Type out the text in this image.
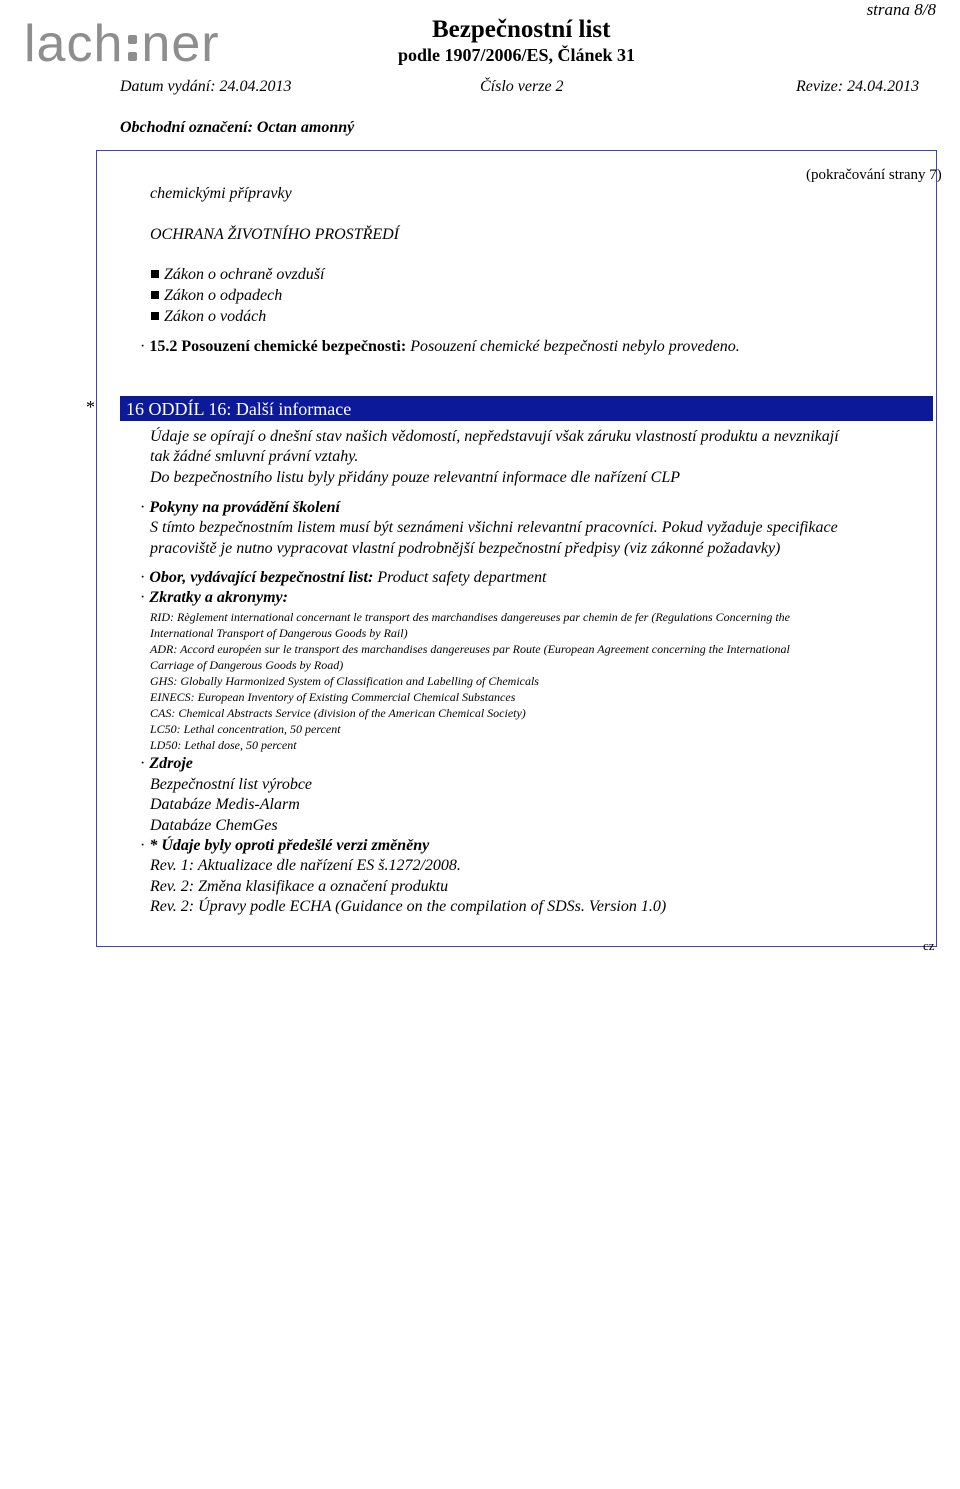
lach ner
strana 8/8
Bezpečnostní list
podle 1907/2006/ES, Článek 31
Datum vydání: 24.04.2013	Číslo verze 2	Revize: 24.04.2013
Obchodní označení: Octan amonný
(pokračování strany 7)
chemickými přípravky
OCHRANA ŽIVOTNÍHO PROSTŘEDÍ
Zákon o ochraně ovzduší
Zákon o odpadech
Zákon o vodách
· 15.2 Posouzení chemické bezpečnosti: Posouzení chemické bezpečnosti nebylo provedeno.
*	16 ODDÍL 16: Další informace
Údaje se opírají o dnešní stav našich vědomostí, nepředstavují však záruku vlastností produktu a nevznikají
tak žádné smluvní právní vztahy.
Do bezpečnostního listu byly přidány pouze relevantní informace dle nařízení CLP
· Pokyny na provádění školení
S tímto bezpečnostním listem musí být seznámeni všichni relevantní pracovníci. Pokud vyžaduje specifikace
pracoviště je nutno vypracovat vlastní podrobnější bezpečnostní předpisy (viz zákonné požadavky)
· Obor, vydávající bezpečnostní list: Product safety department
· Zkratky a akronymy:
RID: Règlement international concernant le transport des marchandises dangereuses par chemin de fer (Regulations Concerning the
International Transport of Dangerous Goods by Rail)
ADR: Accord européen sur le transport des marchandises dangereuses par Route (European Agreement concerning the International
Carriage of Dangerous Goods by Road)
GHS: Globally Harmonized System of Classification and Labelling of Chemicals
EINECS: European Inventory of Existing Commercial Chemical Substances
CAS: Chemical Abstracts Service (division of the American Chemical Society)
LC50: Lethal concentration, 50 percent
LD50: Lethal dose, 50 percent
· Zdroje
Bezpečnostní list výrobce
Databáze Medis-Alarm
Databáze ChemGes
· * Údaje byly oproti předešlé verzi změněny
Rev. 1: Aktualizace dle nařízení ES š.1272/2008.
Rev. 2: Změna klasifikace a označení produktu
Rev. 2: Úpravy podle ECHA (Guidance on the compilation of SDSs. Version 1.0)
cz
